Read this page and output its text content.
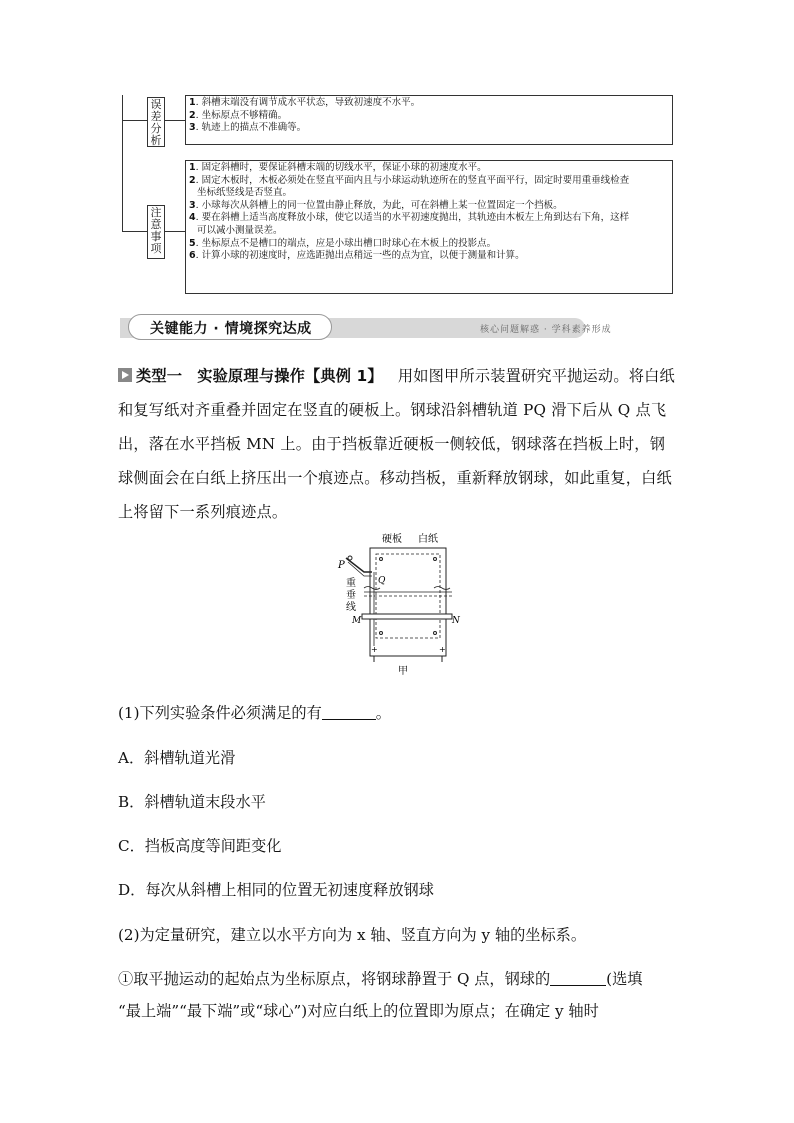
误差分析
1. 斜槽末端没有调节成水平状态，导致初速度不水平。
2. 坐标原点不够精确。
3. 轨迹上的描点不准确等。
注意事项
1. 固定斜槽时，要保证斜槽末端的切线水平，保证小球的初速度水平。
2. 固定木板时，木板必须处在竖直平面内且与小球运动轨迹所在的竖直平面平行，固定时要用重垂线检查
坐标纸竖线是否竖直。
3. 小球每次从斜槽上的同一位置由静止释放，为此，可在斜槽上某一位置固定一个挡板。
4. 要在斜槽上适当高度释放小球，使它以适当的水平初速度抛出，其轨迹由木板左上角到达右下角，这样
可以减小测量误差。
5. 坐标原点不是槽口的端点，应是小球出槽口时球心在木板上的投影点。
6. 计算小球的初速度时，应选距抛出点稍远一些的点为宜，以便于测量和计算。
关键能力 · 情境探究达成	核心问题解惑 · 学科素养形成
类型一 实验原理与操作【典例 1】 用如图甲所示装置研究平抛运动。将白纸和复写纸对齐重叠并固定在竖直的硬板上。钢球沿斜槽轨道 PQ 滑下后从 Q 点飞出，落在水平挡板 MN 上。由于挡板靠近硬板一侧较低，钢球落在挡板上时，钢球侧面会在白纸上挤压出一个痕迹点。移动挡板，重新释放钢球，如此重复，白纸上将留下一系列痕迹点。
+	+
硬板 白纸
P
Q
重
垂
线
M	N
甲
(1)下列实验条件必须满足的有	。
A．斜槽轨道光滑
B．斜槽轨道末段水平
C．挡板高度等间距变化
D．每次从斜槽上相同的位置无初速度释放钢球
(2)为定量研究，建立以水平方向为 x 轴、竖直方向为 y 轴的坐标系。
①取平抛运动的起始点为坐标原点，将钢球静置于 Q 点，钢球的	(选填
“最上端”“最下端”或“球心”)对应白纸上的位置即为原点；在确定 y 轴时
